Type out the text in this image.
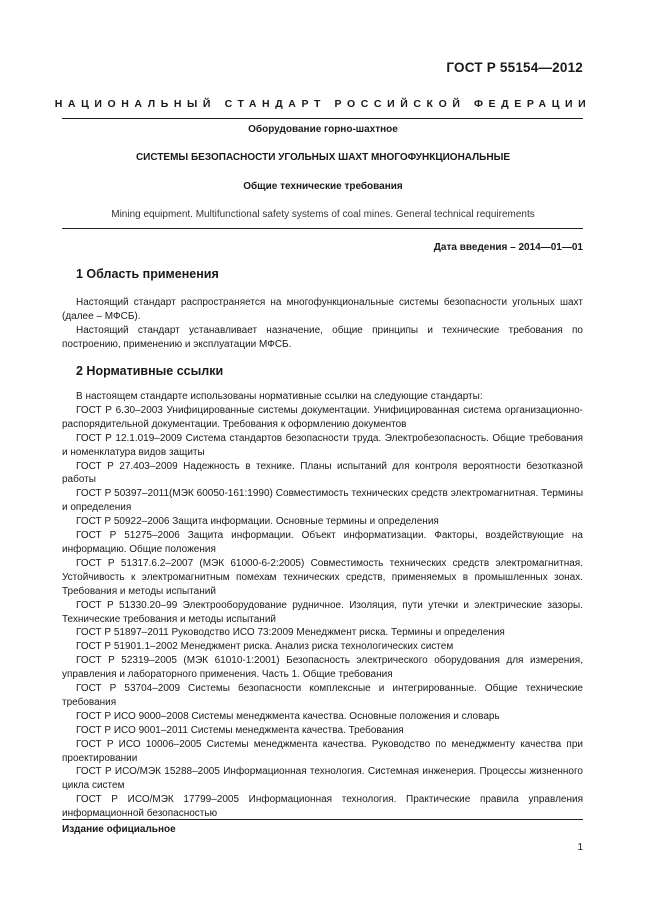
ГОСТ Р 55154—2012
НАЦИОНАЛЬНЫЙ СТАНДАРТ РОССИЙСКОЙ ФЕДЕРАЦИИ
Оборудование горно-шахтное
СИСТЕМЫ БЕЗОПАСНОСТИ УГОЛЬНЫХ ШАХТ МНОГОФУНКЦИОНАЛЬНЫЕ
Общие технические требования
Mining equipment. Multifunctional safety systems of coal mines. General technical requirements
Дата введения – 2014—01—01
1 Область применения

Настоящий стандарт распространяется на многофункциональные системы безопасности угольных шахт (далее – МФСБ).

Настоящий стандарт устанавливает назначение, общие принципы и технические требования по построению, применению и эксплуатации МФСБ.

2 Нормативные ссылки

В настоящем стандарте использованы нормативные ссылки на следующие стандарты:

ГОСТ Р 6.30–2003 Унифицированные системы документации. Унифицированная система организационно-распорядительной документации. Требования к оформлению документов

ГОСТ Р 12.1.019–2009 Система стандартов безопасности труда. Электробезопасность. Общие требования и номенклатура видов защиты

ГОСТ Р 27.403–2009 Надежность в технике. Планы испытаний для контроля вероятности безотказной работы

ГОСТ Р 50397–2011(МЭК 60050-161:1990) Совместимость технических средств электромагнитная. Термины и определения

ГОСТ Р 50922–2006 Защита информации. Основные термины и определения

ГОСТ Р 51275–2006 Защита информации. Объект информатизации. Факторы, воздействующие на информацию. Общие положения

ГОСТ Р 51317.6.2–2007 (МЭК 61000-6-2:2005) Совместимость технических средств электромагнитная. Устойчивость к электромагнитным помехам технических средств, применяемых в промышленных зонах. Требования и методы испытаний

ГОСТ Р 51330.20–99 Электрооборудование рудничное. Изоляция, пути утечки и электрические зазоры. Технические требования и методы испытаний

ГОСТ Р 51897–2011 Руководство ИСО 73:2009 Менеджмент риска. Термины и определения

ГОСТ Р 51901.1–2002 Менеджмент риска. Анализ риска технологических систем

ГОСТ Р 52319–2005 (МЭК 61010-1:2001) Безопасность электрического оборудования для измерения, управления и лабораторного применения. Часть 1. Общие требования

ГОСТ Р 53704–2009 Системы безопасности комплексные и интегрированные. Общие технические требования

ГОСТ Р ИСО 9000–2008 Системы менеджмента качества. Основные положения и словарь

ГОСТ Р ИСО 9001–2011 Системы менеджмента качества. Требования

ГОСТ Р ИСО 10006–2005 Системы менеджмента качества. Руководство по менеджменту качества при проектировании

ГОСТ Р ИСО/МЭК 15288–2005 Информационная технология. Системная инженерия. Процессы жизненного цикла систем

ГОСТ Р ИСО/МЭК 17799–2005 Информационная технология. Практические правила управления информационной безопасностью

Издание официальное
1
